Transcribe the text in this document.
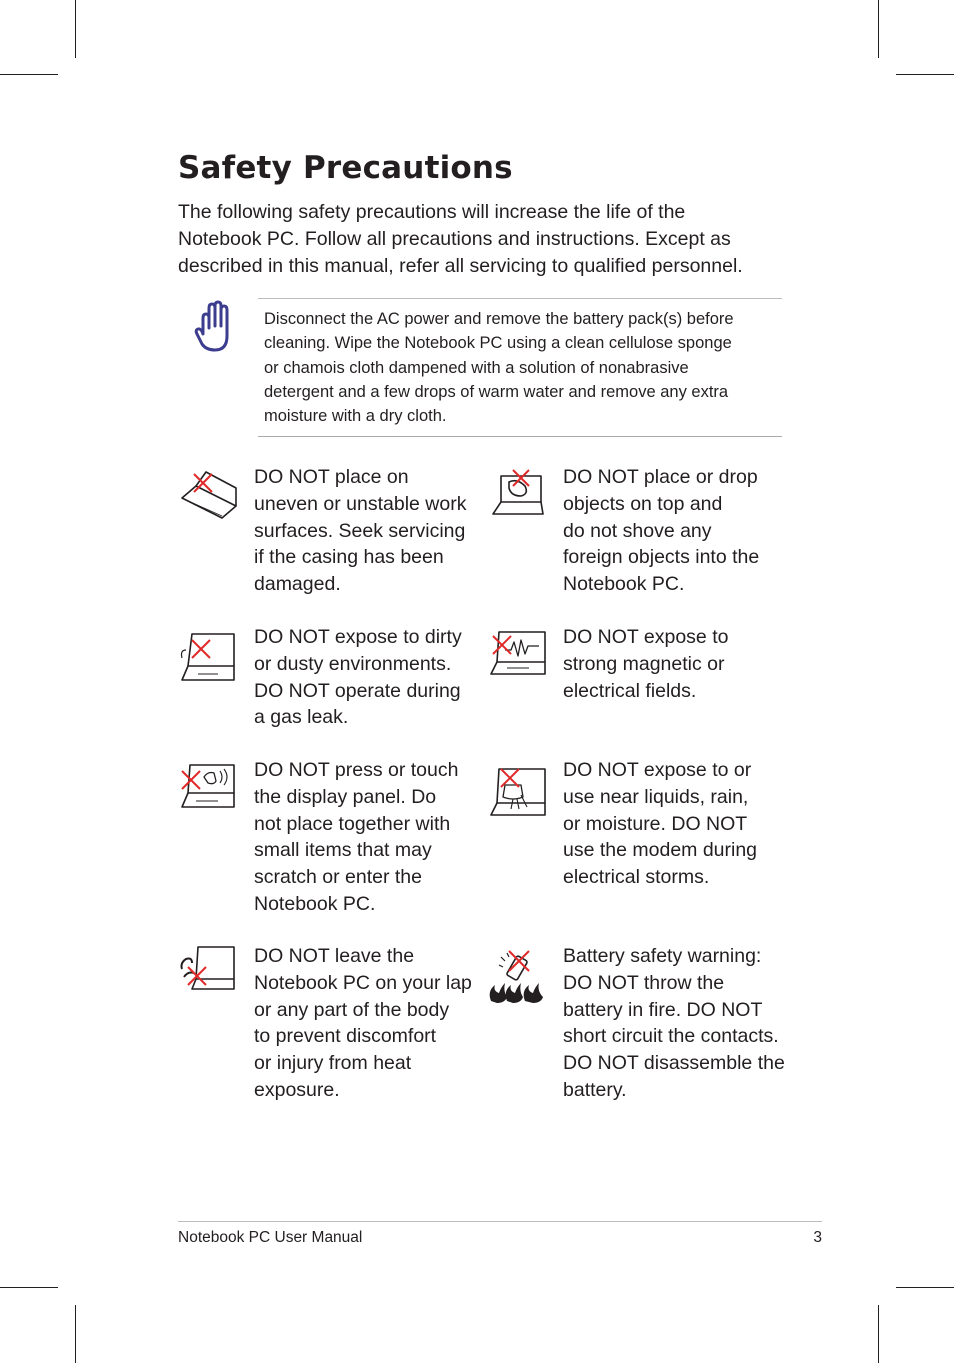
Safety Precautions

The following safety precautions will increase the life of the
Notebook PC. Follow all precautions and instructions. Except as
described in this manual, refer all servicing to qualiﬁed personnel.

Disconnect the AC power and remove the battery pack(s) before
cleaning. Wipe the Notebook PC using a clean cellulose sponge
or chamois cloth dampened with a solution of nonabrasive
detergent and a few drops of warm water and remove any extra
moisture with a dry cloth.

DO NOT place on
uneven or unstable work
surfaces. Seek servicing
if the casing has been
damaged.

DO NOT place or drop
objects on top and
do not shove any
foreign objects into the
Notebook PC.

DO NOT expose to dirty
or dusty environments.
DO NOT operate during
a gas leak.

DO NOT expose to
strong magnetic or
electrical ﬁelds.

DO NOT press or touch
the display panel. Do
not place together with
small items that may
scratch or enter the
Notebook PC.

DO NOT expose to or
use near liquids, rain,
or moisture. DO NOT
use the modem during
electrical storms.

DO NOT leave the
Notebook PC on your lap
or any part of the body
to prevent discomfort
or injury from heat
exposure.

Battery safety warning:
DO NOT throw the
battery in ﬁre. DO NOT
short circuit the contacts.
DO NOT disassemble the
battery.

Notebook PC User Manual	3
